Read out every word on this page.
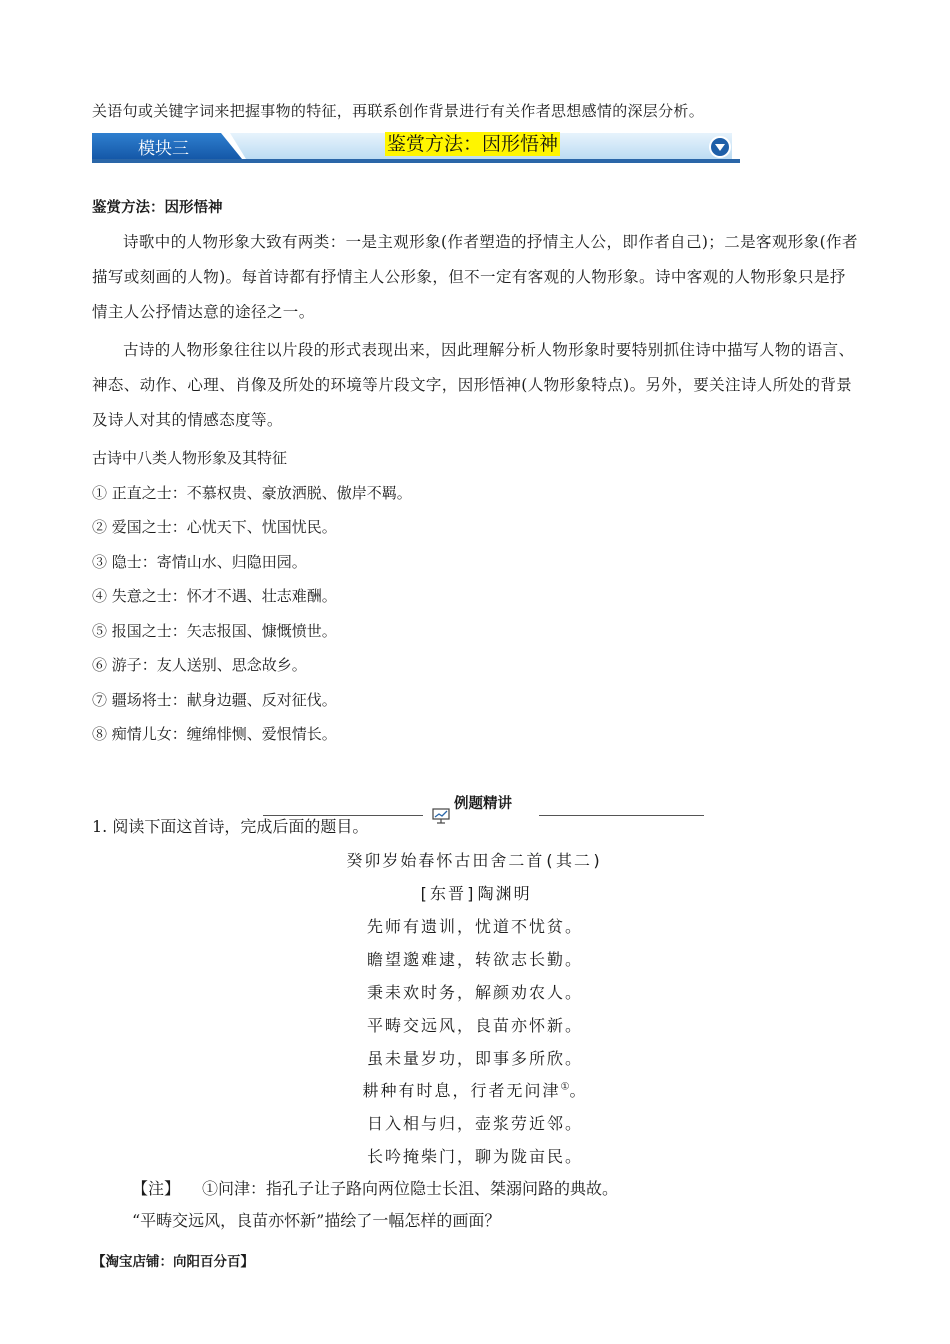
关语句或关键字词来把握事物的特征，再联系创作背景进行有关作者思想感情的深层分析。
模块三	鉴赏方法：因形悟神
鉴赏方法：因形悟神
诗歌中的人物形象大致有两类：一是主观形象(作者塑造的抒情主人公，即作者自己)；二是客观形象(作者描写或刻画的人物)。每首诗都有抒情主人公形象，但不一定有客观的人物形象。诗中客观的人物形象只是抒情主人公抒情达意的途径之一。
古诗的人物形象往往以片段的形式表现出来，因此理解分析人物形象时要特别抓住诗中描写人物的语言、神态、动作、心理、肖像及所处的环境等片段文字，因形悟神(人物形象特点)。另外，要关注诗人所处的背景及诗人对其的情感态度等。
古诗中八类人物形象及其特征
① 正直之士：不慕权贵、豪放洒脱、傲岸不羁。
② 爱国之士：心忧天下、忧国忧民。
③ 隐士：寄情山水、归隐田园。
④ 失意之士：怀才不遇、壮志难酬。
⑤ 报国之士：矢志报国、慷慨愤世。
⑥ 游子：友人送别、思念故乡。
⑦ 疆场将士：献身边疆、反对征伐。
⑧ 痴情儿女：缠绵悱恻、爱恨情长。
例题精讲
1. 阅读下面这首诗，完成后面的题目。
癸卯岁始春怀古田舍二首(其二)
[东晋]陶渊明
先师有遗训，忧道不忧贫。
瞻望邈难逮，转欲志长勤。
秉耒欢时务，解颜劝农人。
平畴交远风，良苗亦怀新。
虽未量岁功，即事多所欣。
耕种有时息，行者无问津①。
日入相与归，壶浆劳近邻。
长吟掩柴门，聊为陇亩民。
【注】 ①问津：指孔子让子路向两位隐士长沮、桀溺问路的典故。
“平畴交远风，良苗亦怀新”描绘了一幅怎样的画面？
【淘宝店铺：向阳百分百】
